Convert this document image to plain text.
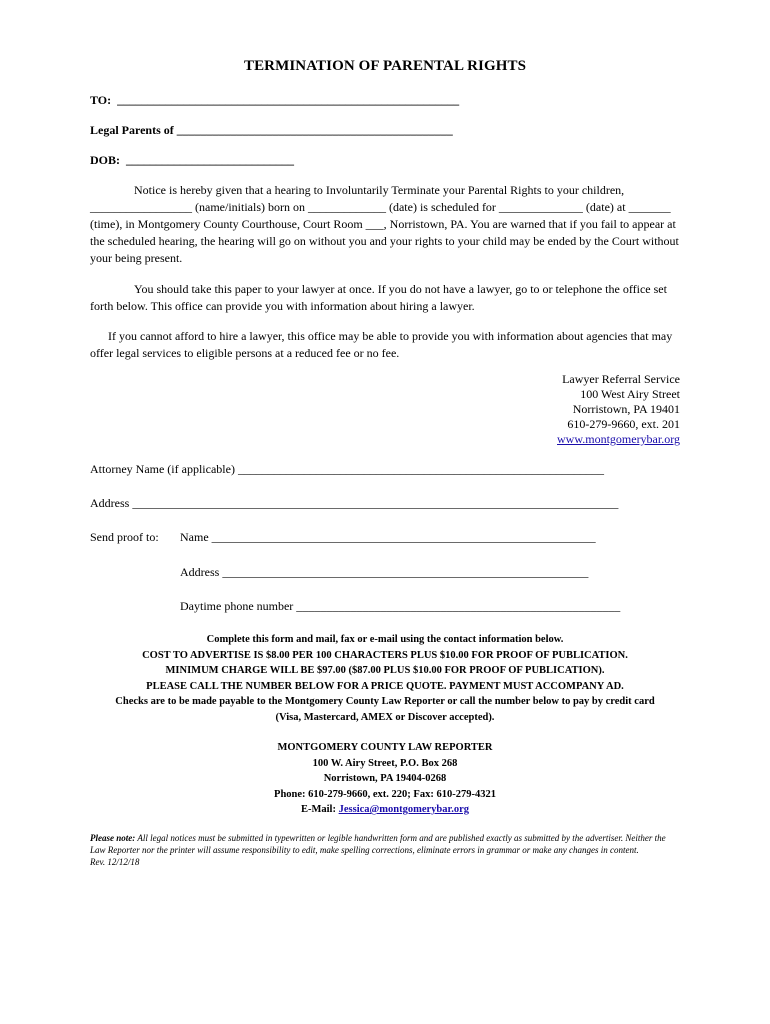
TERMINATION OF PARENTAL RIGHTS
TO:  _________________________________________________________
Legal Parents of ______________________________________________
DOB:  ____________________________
Notice is hereby given that a hearing to Involuntarily Terminate your Parental Rights to your children, _________________ (name/initials) born on _____________ (date) is scheduled for ______________ (date) at _______ (time), in Montgomery County Courthouse, Court Room ___, Norristown, PA. You are warned that if you fail to appear at the scheduled hearing, the hearing will go on without you and your rights to your child may be ended by the Court without your being present.
You should take this paper to your lawyer at once. If you do not have a lawyer, go to or telephone the office set forth below. This office can provide you with information about hiring a lawyer.
If you cannot afford to hire a lawyer, this office may be able to provide you with information about agencies that may offer legal services to eligible persons at a reduced fee or no fee.
Lawyer Referral Service
100 West Airy Street
Norristown, PA 19401
610-279-9660, ext. 201
www.montgomerybar.org
Attorney Name (if applicable) _____________________________________________________________
Address _________________________________________________________________________________
Send proof to: Name ________________________________________________________________
Address _____________________________________________________________
Daytime phone number ______________________________________________________
Complete this form and mail, fax or e-mail using the contact information below.
COST TO ADVERTISE IS $8.00 PER 100 CHARACTERS PLUS $10.00 FOR PROOF OF PUBLICATION.
MINIMUM CHARGE WILL BE $97.00 ($87.00 PLUS $10.00 FOR PROOF OF PUBLICATION).
PLEASE CALL THE NUMBER BELOW FOR A PRICE QUOTE. PAYMENT MUST ACCOMPANY AD.
Checks are to be made payable to the Montgomery County Law Reporter or call the number below to pay by credit card
(Visa, Mastercard, AMEX or Discover accepted).
MONTGOMERY COUNTY LAW REPORTER
100 W. Airy Street, P.O. Box 268
Norristown, PA 19404-0268
Phone: 610-279-9660, ext. 220; Fax: 610-279-4321
E-Mail: Jessica@montgomerybar.org
Please note: All legal notices must be submitted in typewritten or legible handwritten form and are published exactly as submitted by the advertiser. Neither the Law Reporter nor the printer will assume responsibility to edit, make spelling corrections, eliminate errors in grammar or make any changes in content.
Rev. 12/12/18
